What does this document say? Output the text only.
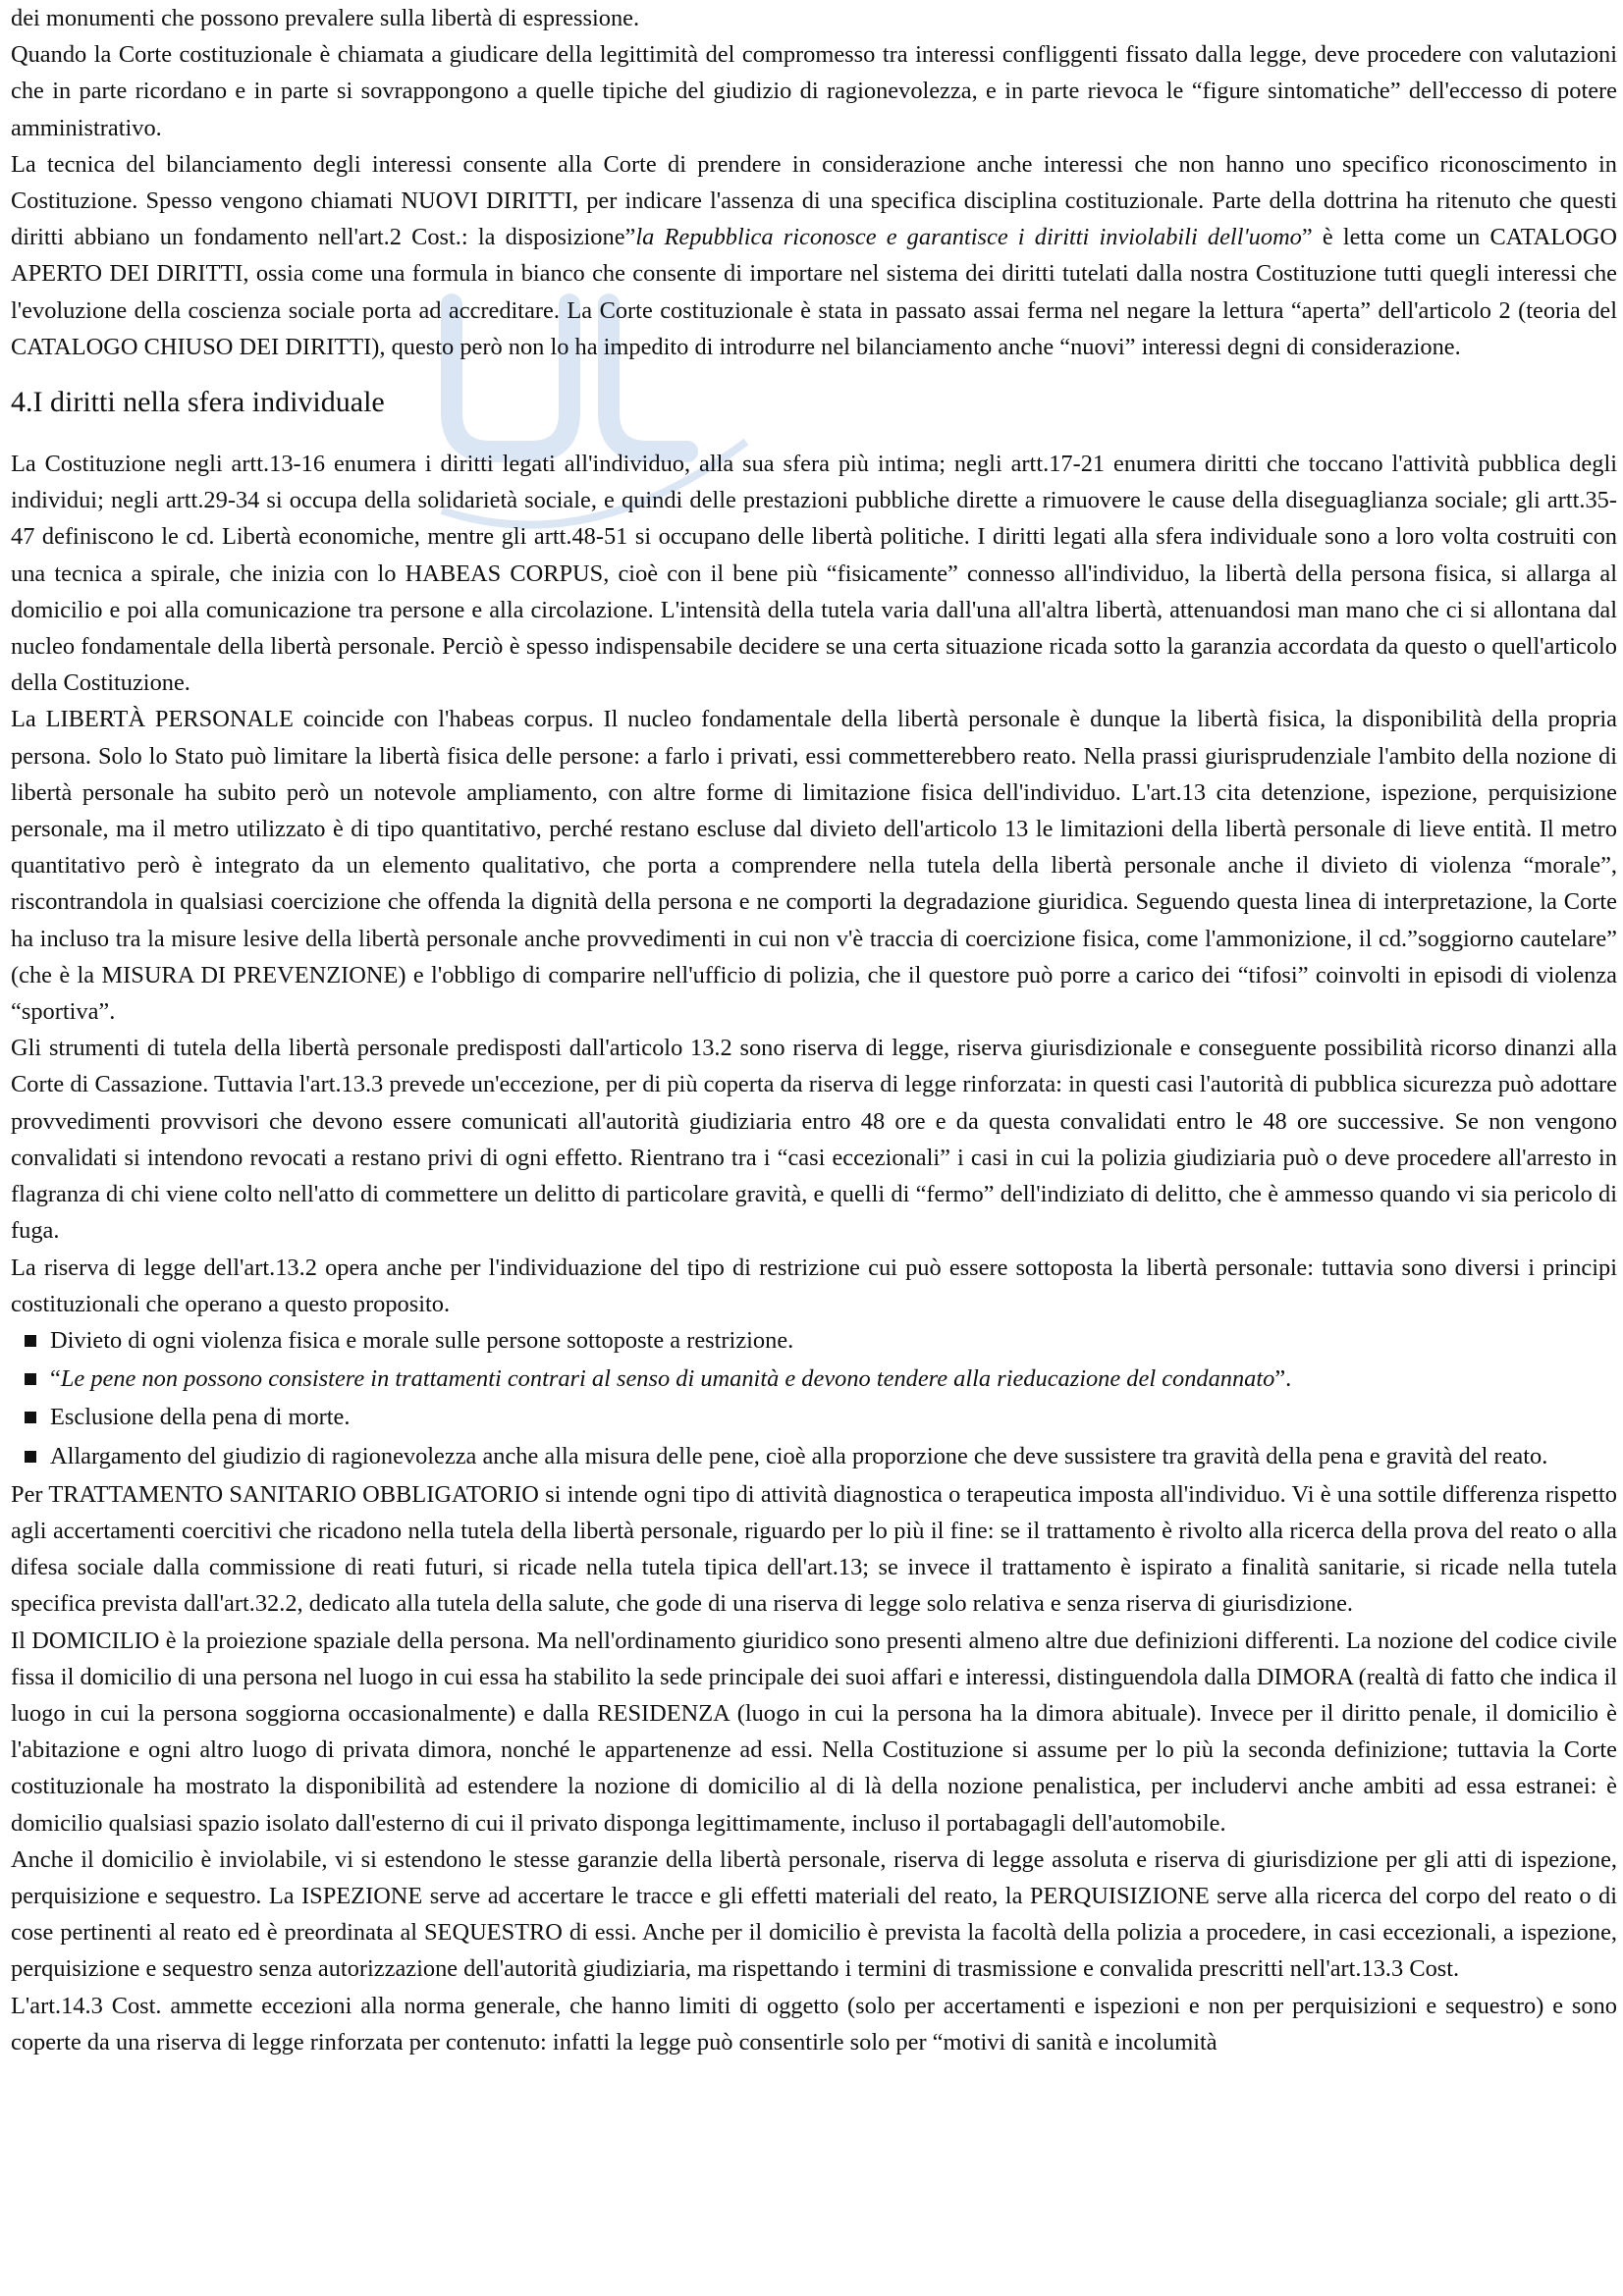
dei monumenti che possono prevalere sulla libertà di espressione.

Quando la Corte costituzionale è chiamata a giudicare della legittimità del compromesso tra interessi confliggenti fissato dalla legge, deve procedere con valutazioni che in parte ricordano e in parte si sovrappongono a quelle tipiche del giudizio di ragionevolezza, e in parte rievoca le “figure sintomatiche” dell'eccesso di potere amministrativo.

La tecnica del bilanciamento degli interessi consente alla Corte di prendere in considerazione anche interessi che non hanno uno specifico riconoscimento in Costituzione. Spesso vengono chiamati NUOVI DIRITTI, per indicare l'assenza di una specifica disciplina costituzionale. Parte della dottrina ha ritenuto che questi diritti abbiano un fondamento nell'art.2 Cost.: la disposizione”la Repubblica riconosce e garantisce i diritti inviolabili dell'uomo” è letta come un CATALOGO APERTO DEI DIRITTI, ossia come una formula in bianco che consente di importare nel sistema dei diritti tutelati dalla nostra Costituzione tutti quegli interessi che l'evoluzione della coscienza sociale porta ad accreditare. La Corte costituzionale è stata in passato assai ferma nel negare la lettura “aperta” dell'articolo 2 (teoria del CATALOGO CHIUSO DEI DIRITTI), questo però non lo ha impedito di introdurre nel bilanciamento anche “nuovi” interessi degni di considerazione.

4.I diritti nella sfera individuale

La Costituzione negli artt.13-16 enumera i diritti legati all'individuo, alla sua sfera più intima; negli artt.17-21 enumera diritti che toccano l'attività pubblica degli individui; negli artt.29-34 si occupa della solidarietà sociale, e quindi delle prestazioni pubbliche dirette a rimuovere le cause della diseguaglianza sociale; gli artt.35-47 definiscono le cd. Libertà economiche, mentre gli artt.48-51 si occupano delle libertà politiche. I diritti legati alla sfera individuale sono a loro volta costruiti con una tecnica a spirale, che inizia con lo HABEAS CORPUS, cioè con il bene più “fisicamente” connesso all'individuo, la libertà della persona fisica, si allarga al domicilio e poi alla comunicazione tra persone e alla circolazione. L'intensità della tutela varia dall'una all'altra libertà, attenuandosi man mano che ci si allontana dal nucleo fondamentale della libertà personale. Perciò è spesso indispensabile decidere se una certa situazione ricada sotto la garanzia accordata da questo o quell'articolo della Costituzione.

La LIBERTÀ PERSONALE coincide con l'habeas corpus. Il nucleo fondamentale della libertà personale è dunque la libertà fisica, la disponibilità della propria persona. Solo lo Stato può limitare la libertà fisica delle persone: a farlo i privati, essi commetterebbero reato. Nella prassi giurisprudenziale l'ambito della nozione di libertà personale ha subito però un notevole ampliamento, con altre forme di limitazione fisica dell'individuo. L'art.13 cita detenzione, ispezione, perquisizione personale, ma il metro utilizzato è di tipo quantitativo, perché restano escluse dal divieto dell'articolo 13 le limitazioni della libertà personale di lieve entità. Il metro quantitativo però è integrato da un elemento qualitativo, che porta a comprendere nella tutela della libertà personale anche il divieto di violenza “morale”, riscontrandola in qualsiasi coercizione che offenda la dignità della persona e ne comporti la degradazione giuridica. Seguendo questa linea di interpretazione, la Corte ha incluso tra la misure lesive della libertà personale anche provvedimenti in cui non v'è traccia di coercizione fisica, come l'ammonizione, il cd.”soggiorno cautelare” (che è la MISURA DI PREVENZIONE) e l'obbligo di comparire nell'ufficio di polizia, che il questore può porre a carico dei “tifosi” coinvolti in episodi di violenza “sportiva”.

Gli strumenti di tutela della libertà personale predisposti dall'articolo 13.2 sono riserva di legge, riserva giurisdizionale e conseguente possibilità ricorso dinanzi alla Corte di Cassazione. Tuttavia l'art.13.3 prevede un'eccezione, per di più coperta da riserva di legge rinforzata: in questi casi l'autorità di pubblica sicurezza può adottare provvedimenti provvisori che devono essere comunicati all'autorità giudiziaria entro 48 ore e da questa convalidati entro le 48 ore successive. Se non vengono convalidati si intendono revocati a restano privi di ogni effetto. Rientrano tra i “casi eccezionali” i casi in cui la polizia giudiziaria può o deve procedere all'arresto in flagranza di chi viene colto nell'atto di commettere un delitto di particolare gravità, e quelli di “fermo” dell'indiziato di delitto, che è ammesso quando vi sia pericolo di fuga.

La riserva di legge dell'art.13.2 opera anche per l'individuazione del tipo di restrizione cui può essere sottoposta la libertà personale: tuttavia sono diversi i principi costituzionali che operano a questo proposito.

Divieto di ogni violenza fisica e morale sulle persone sottoposte a restrizione.
“Le pene non possono consistere in trattamenti contrari al senso di umanità e devono tendere alla rieducazione del condannato”.
Esclusione della pena di morte.
Allargamento del giudizio di ragionevolezza anche alla misura delle pene, cioè alla proporzione che deve sussistere tra gravità della pena e gravità del reato.

Per TRATTAMENTO SANITARIO OBBLIGATORIO si intende ogni tipo di attività diagnostica o terapeutica imposta all'individuo. Vi è una sottile differenza rispetto agli accertamenti coercitivi che ricadono nella tutela della libertà personale, riguardo per lo più il fine: se il trattamento è rivolto alla ricerca della prova del reato o alla difesa sociale dalla commissione di reati futuri, si ricade nella tutela tipica dell'art.13; se invece il trattamento è ispirato a finalità sanitarie, si ricade nella tutela specifica prevista dall'art.32.2, dedicato alla tutela della salute, che gode di una riserva di legge solo relativa e senza riserva di giurisdizione.

Il DOMICILIO è la proiezione spaziale della persona. Ma nell'ordinamento giuridico sono presenti almeno altre due definizioni differenti. La nozione del codice civile fissa il domicilio di una persona nel luogo in cui essa ha stabilito la sede principale dei suoi affari e interessi, distinguendola dalla DIMORA (realtà di fatto che indica il luogo in cui la persona soggiorna occasionalmente) e dalla RESIDENZA (luogo in cui la persona ha la dimora abituale). Invece per il diritto penale, il domicilio è l'abitazione e ogni altro luogo di privata dimora, nonché le appartenenze ad essi. Nella Costituzione si assume per lo più la seconda definizione; tuttavia la Corte costituzionale ha mostrato la disponibilità ad estendere la nozione di domicilio al di là della nozione penalistica, per includervi anche ambiti ad essa estranei: è domicilio qualsiasi spazio isolato dall'esterno di cui il privato disponga legittimamente, incluso il portabagagli dell'automobile.

Anche il domicilio è inviolabile, vi si estendono le stesse garanzie della libertà personale, riserva di legge assoluta e riserva di giurisdizione per gli atti di ispezione, perquisizione e sequestro. La ISPEZIONE serve ad accertare le tracce e gli effetti materiali del reato, la PERQUISIZIONE serve alla ricerca del corpo del reato o di cose pertinenti al reato ed è preordinata al SEQUESTRO di essi. Anche per il domicilio è prevista la facoltà della polizia a procedere, in casi eccezionali, a ispezione, perquisizione e sequestro senza autorizzazione dell'autorità giudiziaria, ma rispettando i termini di trasmissione e convalida prescritti nell'art.13.3 Cost.

L'art.14.3 Cost. ammette eccezioni alla norma generale, che hanno limiti di oggetto (solo per accertamenti e ispezioni e non per perquisizioni e sequestro) e sono coperte da una riserva di legge rinforzata per contenuto: infatti la legge può consentirle solo per “motivi di sanità e incolumità
